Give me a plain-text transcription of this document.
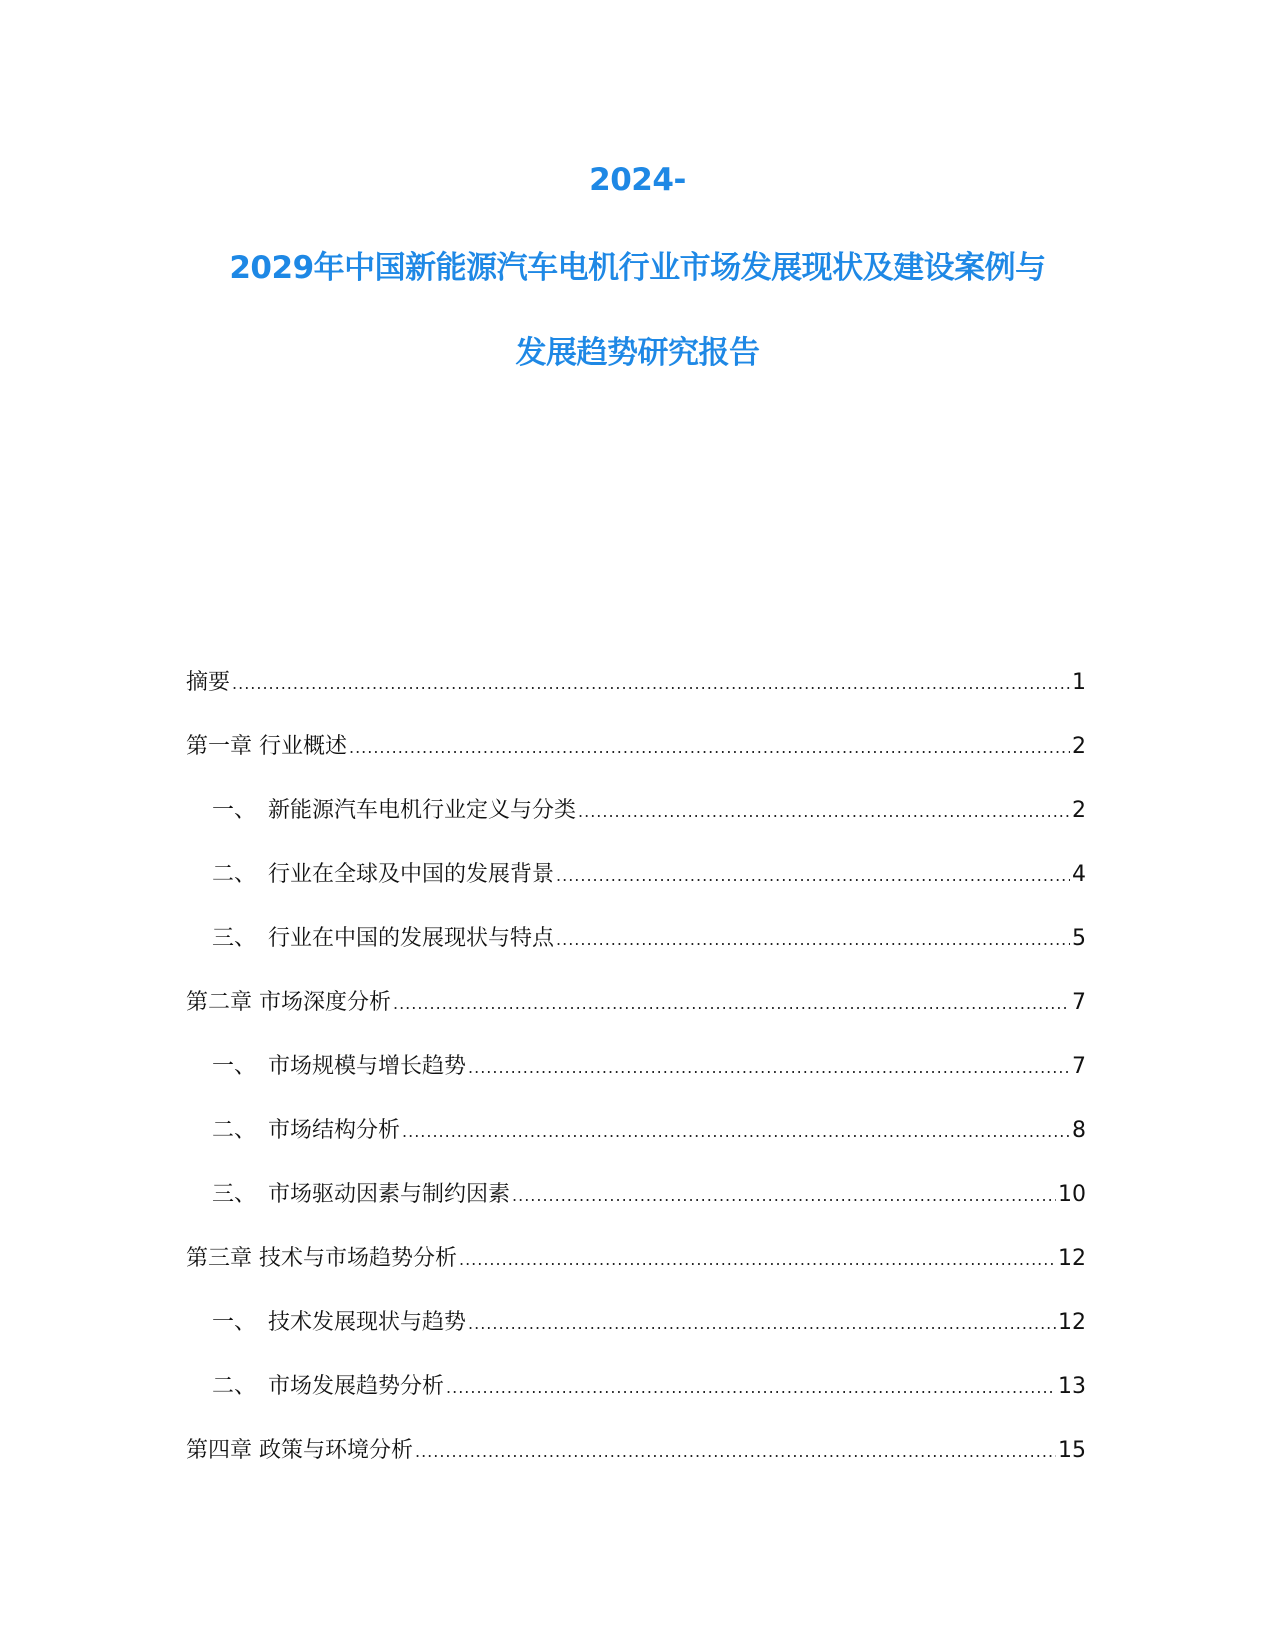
2024-
2029年中国新能源汽车电机行业市场发展现状及建设案例与
发展趋势研究报告
摘要 .....	1
第一章 行业概述 .....	2
一、 新能源汽车电机行业定义与分类 .....	2
二、 行业在全球及中国的发展背景 .....	4
三、 行业在中国的发展现状与特点 .....	5
第二章 市场深度分析 .....	7
一、 市场规模与增长趋势 .....	7
二、 市场结构分析 .....	8
三、 市场驱动因素与制约因素 .....	10
第三章 技术与市场趋势分析 .....	12
一、 技术发展现状与趋势 .....	12
二、 市场发展趋势分析 .....	13
第四章 政策与环境分析 .....	15
